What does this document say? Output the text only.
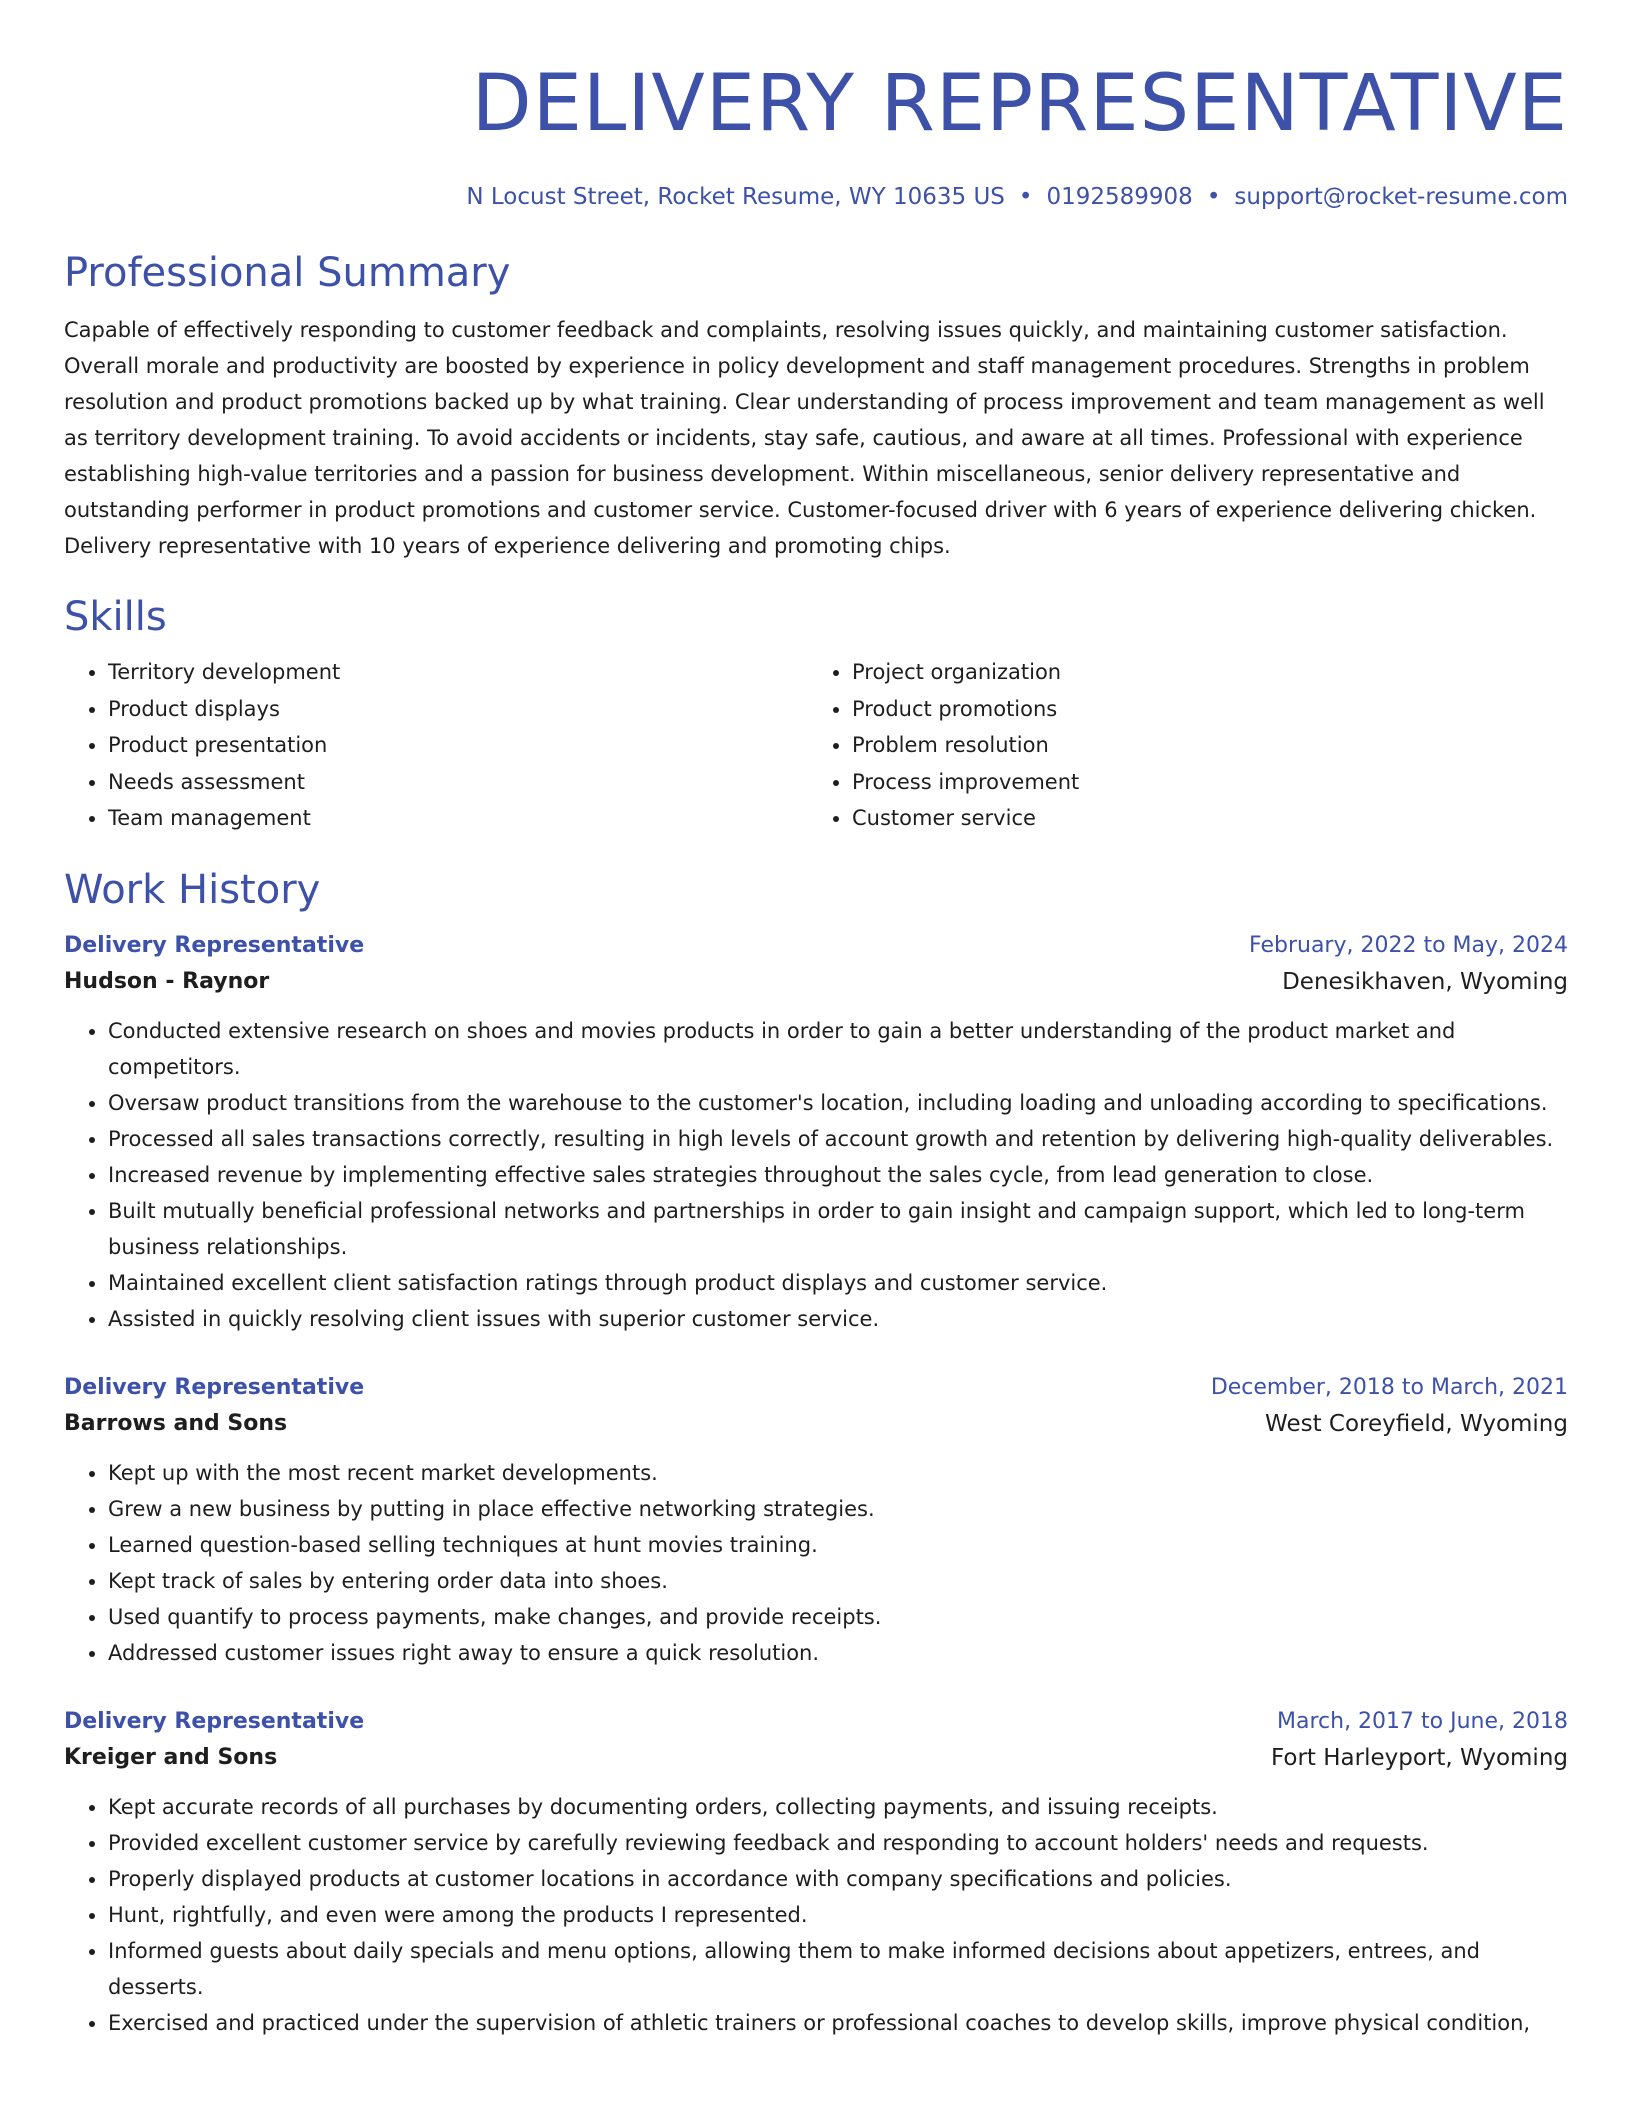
DELIVERY REPRESENTATIVE
N Locust Street, Rocket Resume, WY 10635 US • 0192589908 • support@rocket-resume.com
Professional Summary
Capable of effectively responding to customer feedback and complaints, resolving issues quickly, and maintaining customer satisfaction. Overall morale and productivity are boosted by experience in policy development and staff management procedures. Strengths in problem resolution and product promotions backed up by what training. Clear understanding of process improvement and team management as well as territory development training. To avoid accidents or incidents, stay safe, cautious, and aware at all times. Professional with experience establishing high-value territories and a passion for business development. Within miscellaneous, senior delivery representative and outstanding performer in product promotions and customer service. Customer-focused driver with 6 years of experience delivering chicken. Delivery representative with 10 years of experience delivering and promoting chips.
Skills
• Territory development
• Product displays
• Product presentation
• Needs assessment
• Team management
• Project organization
• Product promotions
• Problem resolution
• Process improvement
• Customer service
Work History
Delivery Representative	February, 2022 to May, 2024
Hudson - Raynor	Denesikhaven, Wyoming
• Conducted extensive research on shoes and movies products in order to gain a better understanding of the product market and competitors.
• Oversaw product transitions from the warehouse to the customer's location, including loading and unloading according to specifications.
• Processed all sales transactions correctly, resulting in high levels of account growth and retention by delivering high-quality deliverables.
• Increased revenue by implementing effective sales strategies throughout the sales cycle, from lead generation to close.
• Built mutually beneficial professional networks and partnerships in order to gain insight and campaign support, which led to long-term business relationships.
• Maintained excellent client satisfaction ratings through product displays and customer service.
• Assisted in quickly resolving client issues with superior customer service.
Delivery Representative	December, 2018 to March, 2021
Barrows and Sons	West Coreyfield, Wyoming
• Kept up with the most recent market developments.
• Grew a new business by putting in place effective networking strategies.
• Learned question-based selling techniques at hunt movies training.
• Kept track of sales by entering order data into shoes.
• Used quantify to process payments, make changes, and provide receipts.
• Addressed customer issues right away to ensure a quick resolution.
Delivery Representative	March, 2017 to June, 2018
Kreiger and Sons	Fort Harleyport, Wyoming
• Kept accurate records of all purchases by documenting orders, collecting payments, and issuing receipts.
• Provided excellent customer service by carefully reviewing feedback and responding to account holders' needs and requests.
• Properly displayed products at customer locations in accordance with company specifications and policies.
• Hunt, rightfully, and even were among the products I represented.
• Informed guests about daily specials and menu options, allowing them to make informed decisions about appetizers, entrees, and desserts.
• Exercised and practiced under the supervision of athletic trainers or professional coaches to develop skills, improve physical condition,
